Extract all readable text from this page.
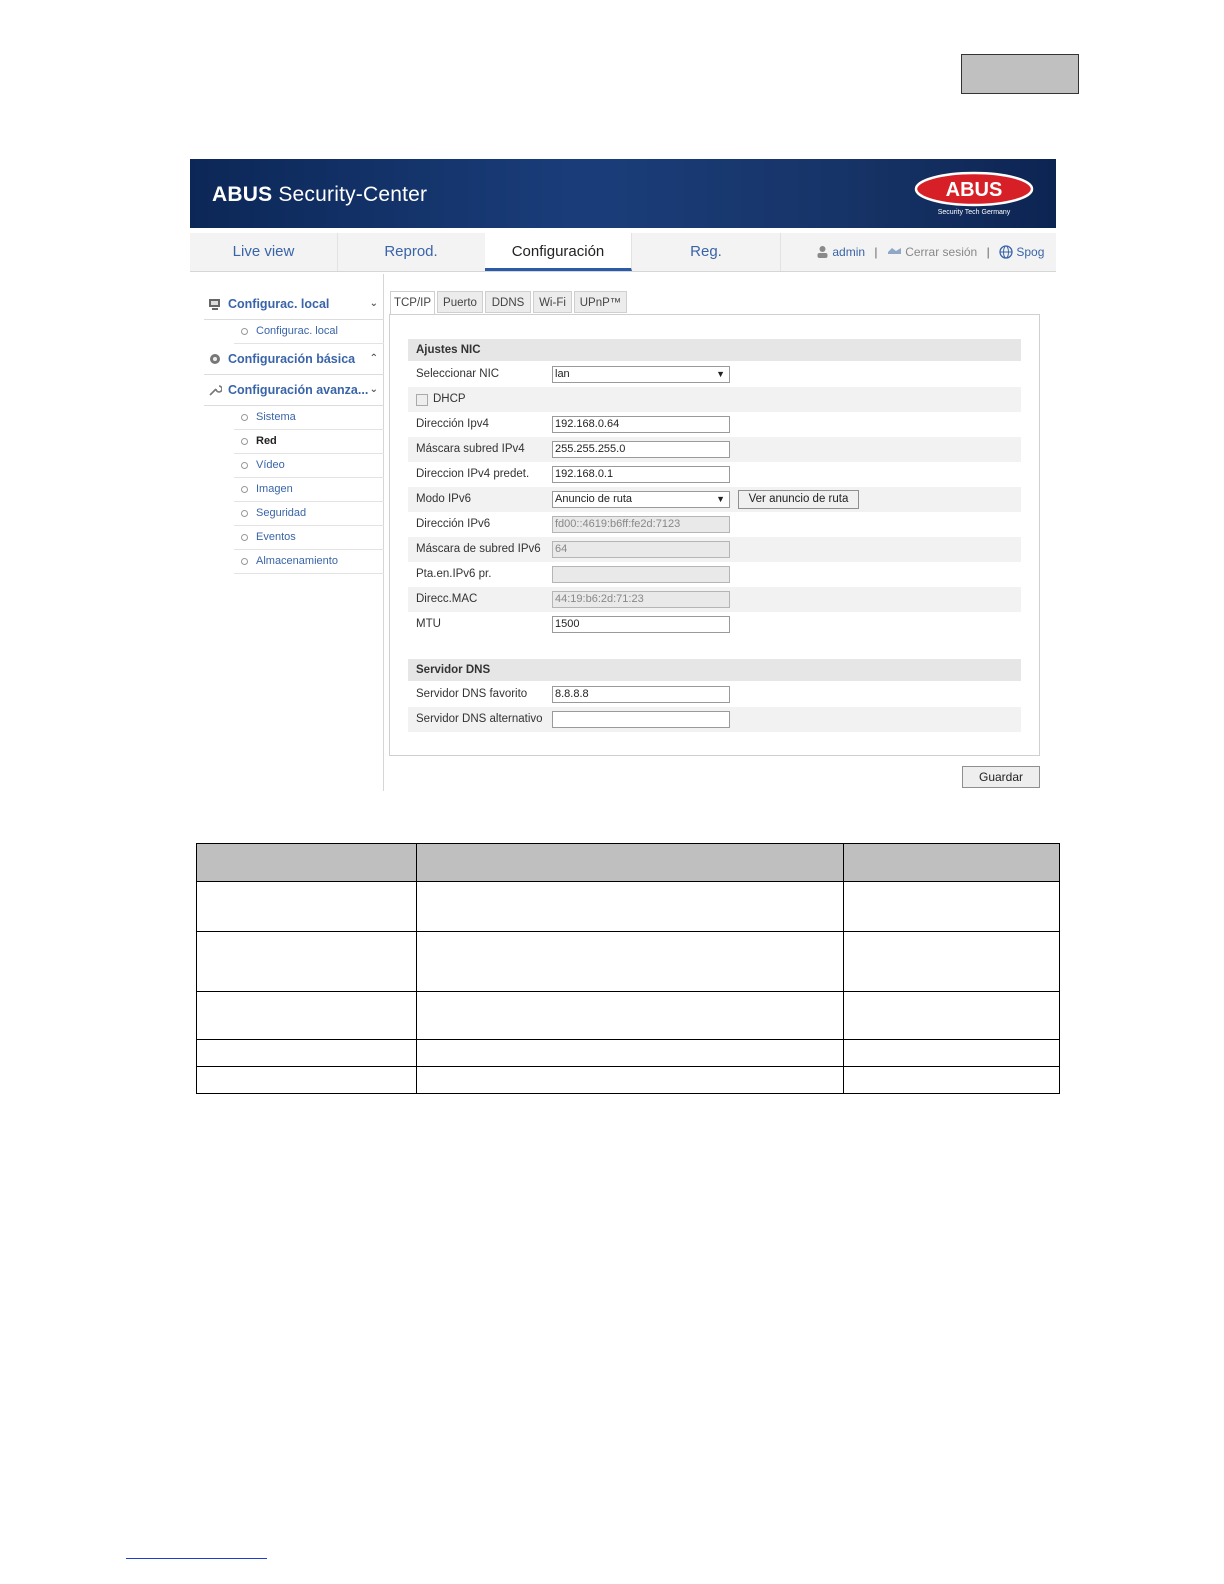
ABUS Security-Center	ABUS
Security Tech Germany
Live view	Reprod.	Configuración	Reg.	admin | Cerrar sesión | Spog
Configurac. local	⌄
Configurac. local
Configuración básica ⌃
Configuración avanza... ⌄
Sistema
Red
Vídeo
Imagen
Seguridad
Eventos
Almacenamiento
TCP/IP	Puerto	DDNS	Wi-Fi	UPnP™
Ajustes NIC
Seleccionar NIC	lan ▼
DHCP
Dirección Ipv4	192.168.0.64
Máscara subred IPv4	255.255.255.0
Direccion IPv4 predet. 192.168.0.1
Modo IPv6	Anuncio de ruta ▼	Ver anuncio de ruta
Dirección IPv6	fd00::4619:b6ff:fe2d:7123
Máscara de subred IPv6 64
Pta.en.IPv6 pr.
Direcc.MAC	44:19:b6:2d:71:23
MTU	1500
Servidor DNS
Servidor DNS favorito	8.8.8.8
Servidor DNS alternativo
Guardar
